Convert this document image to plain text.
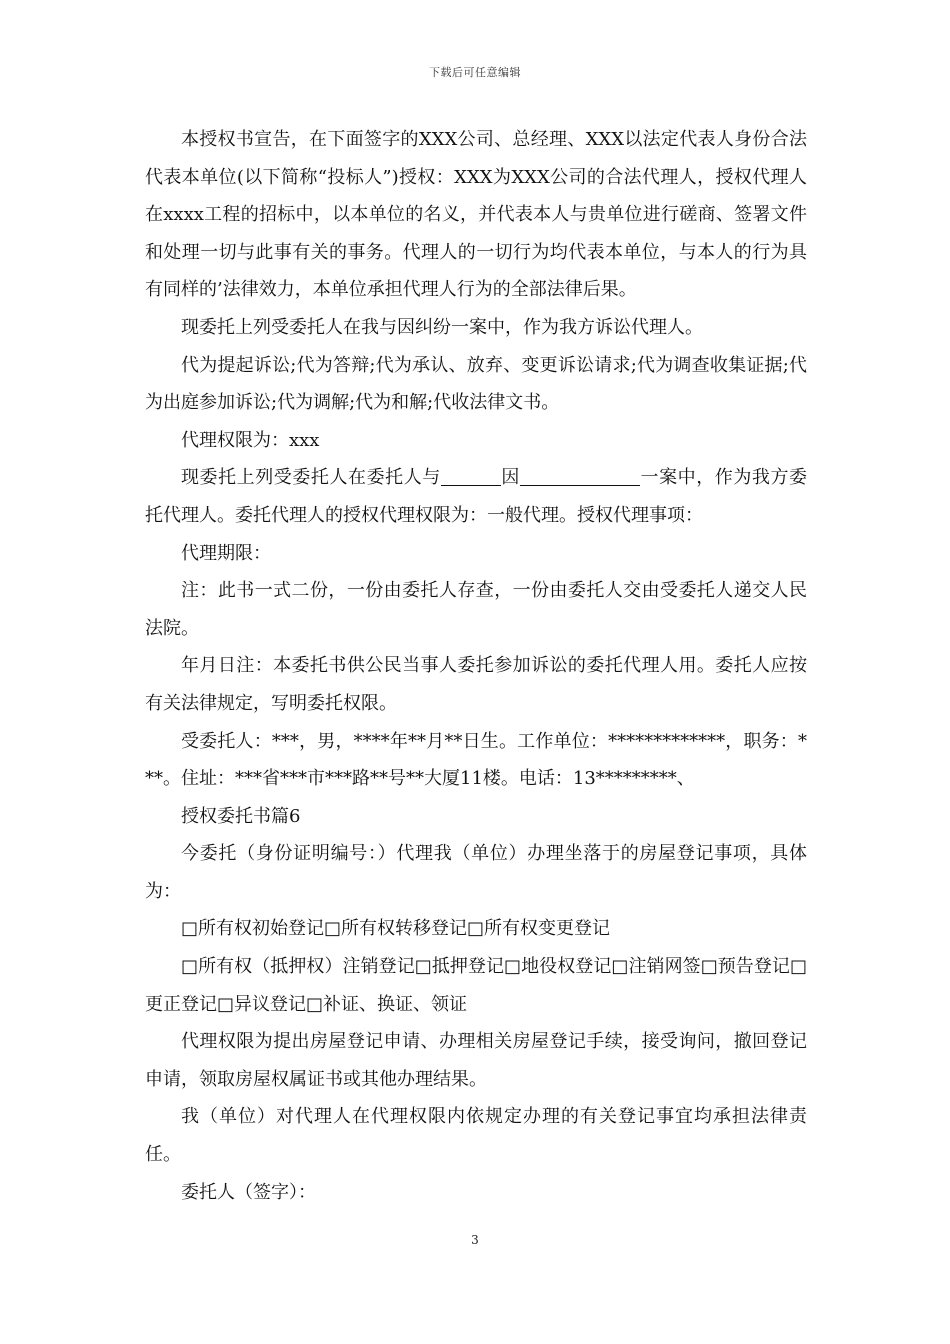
下载后可任意编辑

本授权书宣告，在下面签字的XXX公司、总经理、XXX以法定代表人身份合法代表本单位(以下简称“投标人”)授权：XXX为XXX公司的合法代理人，授权代理人在xxxx工程的招标中，以本单位的名义，并代表本人与贵单位进行磋商、签署文件和处理一切与此事有关的事务。代理人的一切行为均代表本单位，与本人的行为具有同样的’法律效力，本单位承担代理人行为的全部法律后果。

现委托上列受委托人在我与因纠纷一案中，作为我方诉讼代理人。

代为提起诉讼;代为答辩;代为承认、放弃、变更诉讼请求;代为调查收集证据;代为出庭参加诉讼;代为调解;代为和解;代收法律文书。

代理权限为：xxx

现委托上列受委托人在委托人与	因	一案中，作为我方委托代理人。委托代理人的授权代理权限为：一般代理。授权代理事项：

代理期限：

注：此书一式二份，一份由委托人存查，一份由委托人交由受委托人递交人民法院。

年月日注：本委托书供公民当事人委托参加诉讼的委托代理人用。委托人应按有关法律规定，写明委托权限。

受委托人：***，男，****年**月**日生。工作单位：*************，职务：***。住址：***省***市***路**号**大厦11楼。电话：13*********、

授权委托书篇6

今委托（身份证明编号：）代理我（单位）办理坐落于的房屋登记事项，具体为：

□所有权初始登记□所有权转移登记□所有权变更登记

□所有权（抵押权）注销登记□抵押登记□地役权登记□注销网签□预告登记□更正登记□异议登记□补证、换证、领证

代理权限为提出房屋登记申请、办理相关房屋登记手续，接受询问，撤回登记申请，领取房屋权属证书或其他办理结果。

我（单位）对代理人在代理权限内依规定办理的有关登记事宜均承担法律责任。

委托人（签字）：

3
